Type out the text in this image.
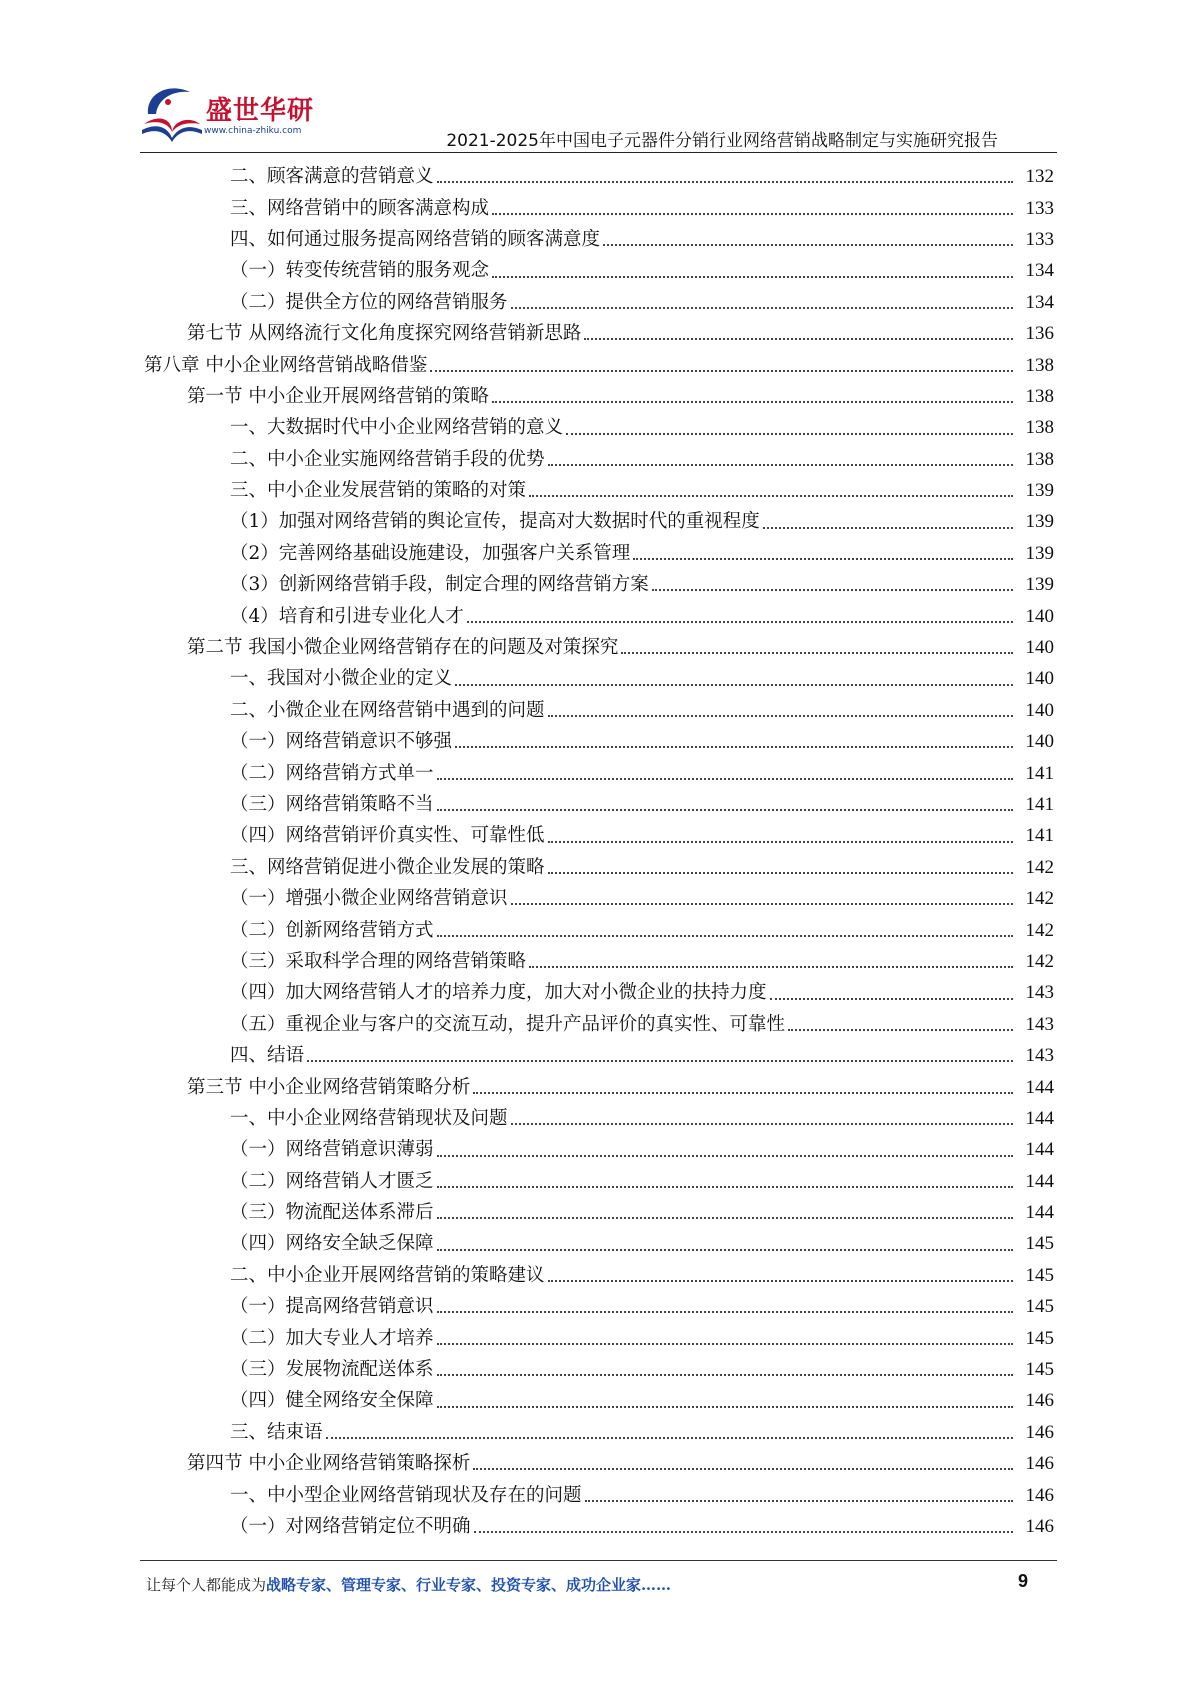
盛世华研
www.china-zhiku.com	2021-2025年中国电子元器件分销行业网络营销战略制定与实施研究报告
二、顾客满意的营销意义	132
三、网络营销中的顾客满意构成	133
四、如何通过服务提高网络营销的顾客满意度	133
（一）转变传统营销的服务观念	134
（二）提供全方位的网络营销服务	134
第七节 从网络流行文化角度探究网络营销新思路	136
第八章 中小企业网络营销战略借鉴	138
第一节 中小企业开展网络营销的策略	138
一、大数据时代中小企业网络营销的意义	138
二、中小企业实施网络营销手段的优势	138
三、中小企业发展营销的策略的对策	139
（1）加强对网络营销的舆论宣传，提高对大数据时代的重视程度	139
（2）完善网络基础设施建设，加强客户关系管理	139
（3）创新网络营销手段，制定合理的网络营销方案	139
（4）培育和引进专业化人才	140
第二节 我国小微企业网络营销存在的问题及对策探究	140
一、我国对小微企业的定义	140
二、小微企业在网络营销中遇到的问题	140
（一）网络营销意识不够强	140
（二）网络营销方式单一	141
（三）网络营销策略不当	141
（四）网络营销评价真实性、可靠性低	141
三、网络营销促进小微企业发展的策略	142
（一）增强小微企业网络营销意识	142
（二）创新网络营销方式	142
（三）采取科学合理的网络营销策略	142
（四）加大网络营销人才的培养力度，加大对小微企业的扶持力度	143
（五）重视企业与客户的交流互动，提升产品评价的真实性、可靠性	143
四、结语	143
第三节 中小企业网络营销策略分析	144
一、中小企业网络营销现状及问题	144
（一）网络营销意识薄弱	144
（二）网络营销人才匮乏	144
（三）物流配送体系滞后	144
（四）网络安全缺乏保障	145
二、中小企业开展网络营销的策略建议	145
（一）提高网络营销意识	145
（二）加大专业人才培养	145
（三）发展物流配送体系	145
（四）健全网络安全保障	146
三、结束语	146
第四节 中小企业网络营销策略探析	146
一、中小型企业网络营销现状及存在的问题	146
（一）对网络营销定位不明确	146
让每个人都能成为战略专家、管理专家、行业专家、投资专家、成功企业家……	9
